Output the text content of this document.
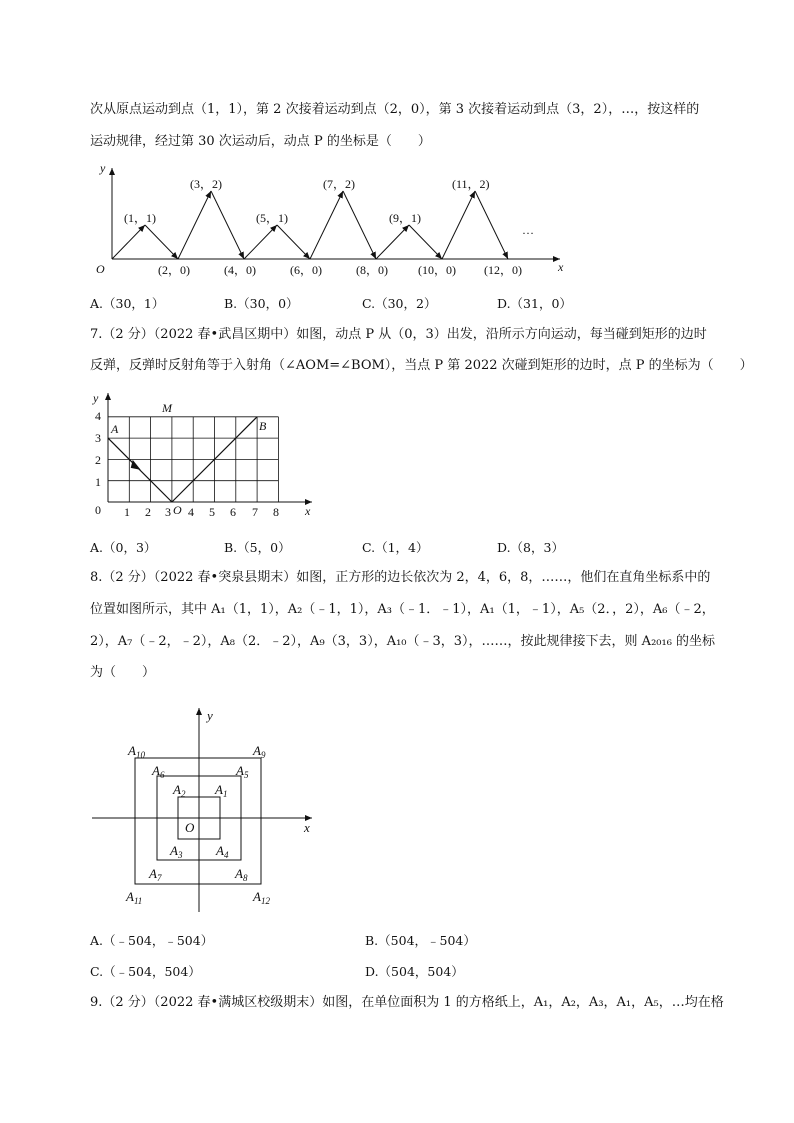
次从原点运动到点（1，1），第 2 次接着运动到点（2，0），第 3 次接着运动到点（3，2），…，按这样的
运动规律，经过第 30 次运动后，动点 P 的坐标是（　　）
y
x
O
(1，1)
(3，2)
(5，1)
(7，2)
(9，1)
(11，2)
(2，0)	(4，0)	(6，0)	(8，0)	(10，0) (12，0)
…
A.（30，1）	B.（30，0）	C.（30，2）	D.（31，0）
7.（2 分）（2022 春•武昌区期中）如图，动点 P 从（0，3）出发，沿所示方向运动，每当碰到矩形的边时
反弹，反弹时反射角等于入射角（∠AOM=∠BOM），当点 P 第 2022 次碰到矩形的边时，点 P 的坐标为（　　）
y
x
4
3
2
1
0 1 2 3 4 5 6 7 8
A	B
M
O
A.（0，3）	B.（5，0）	C.（1，4）	D.（8，3）
8.（2 分）（2022 春•突泉县期末）如图，正方形的边长依次为 2，4，6，8，……，他们在直角坐标系中的
位置如图所示，其中 A₁（1，1），A₂（﹣1，1），A₃（﹣1．﹣1），A₁（1，﹣1），A₅（2．，2），A₆（﹣2，
2），A₇（﹣2，﹣2），A₈（2．﹣2），A₉（3，3），A₁₀（﹣3，3），……，按此规律接下去，则 A₂₀₁₆ 的坐标
为（　　）
y
x
O
$A_{10}$	$A_9$
$A_6$	$A_5$
$A_2$ $A_1$
$A_3$	$A_4$
$A_7$	$A_8$
$A_{11}$	$A_{12}$
A.（﹣504，﹣504）	B.（504，﹣504）
C.（﹣504，504）	D.（504，504）
9.（2 分）（2022 春•满城区校级期末）如图，在单位面积为 1 的方格纸上，A₁，A₂，A₃，A₁，A₅，…均在格
